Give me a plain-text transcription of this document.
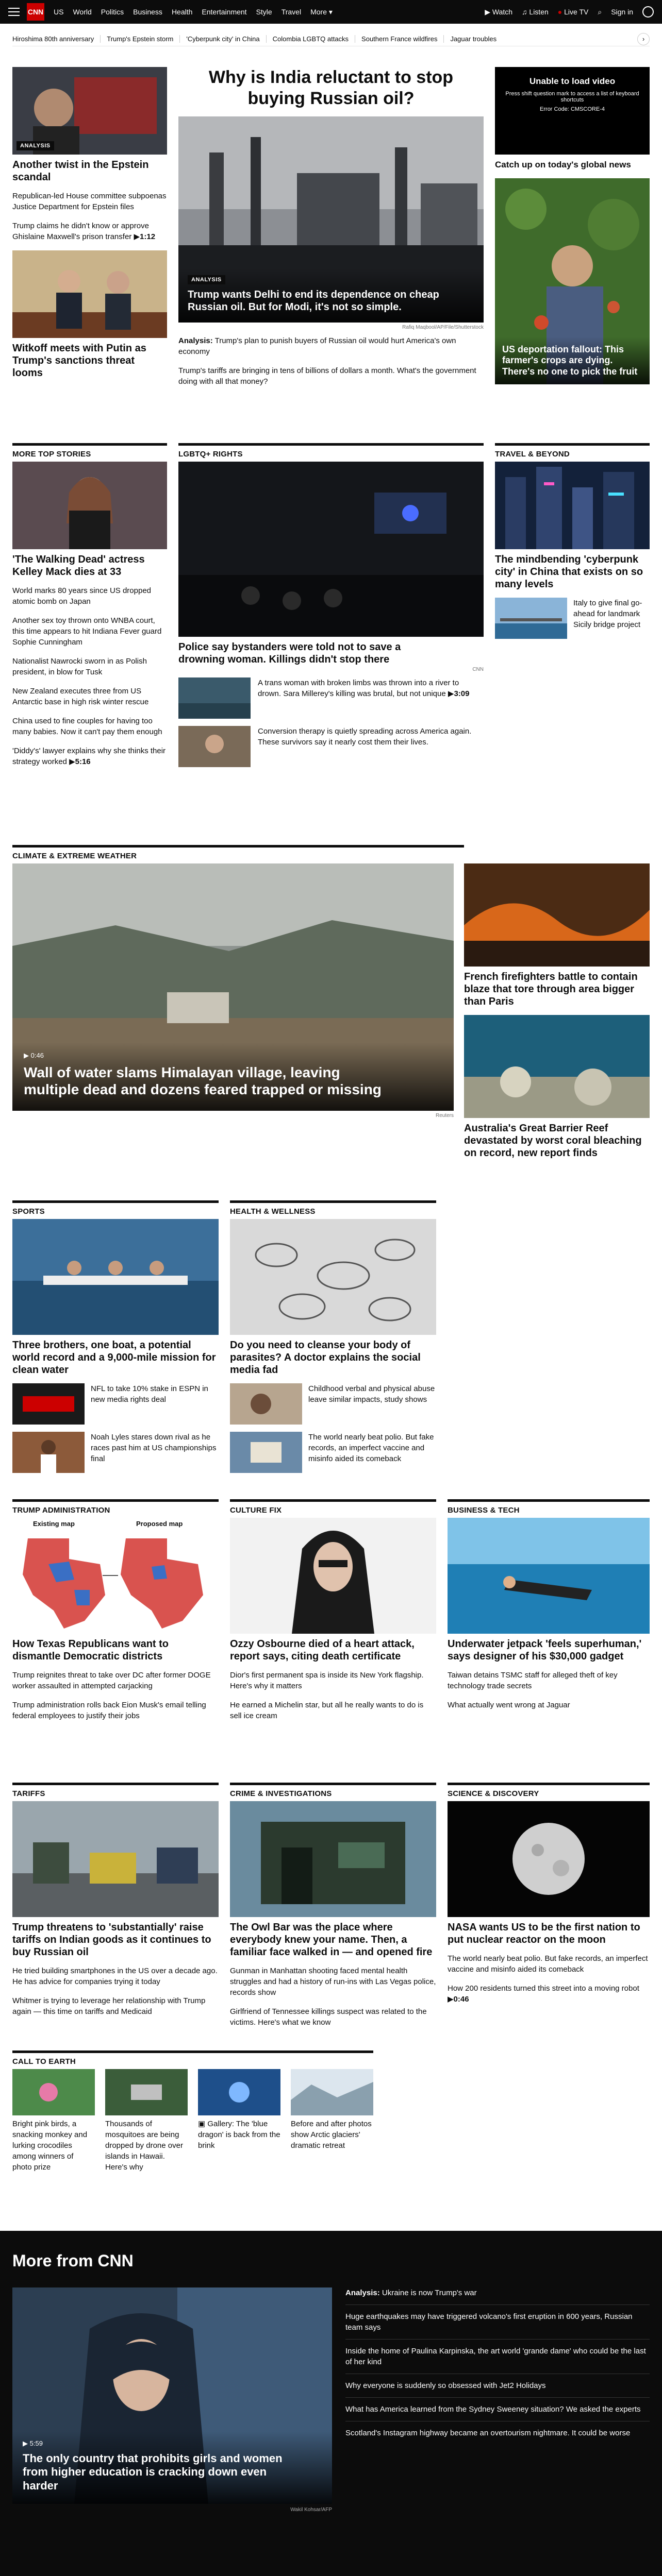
CNN US World Politics Business Health Entertainment Style Travel More ▾	▶ Watch ♫ Listen ● Live TV ⌕ Sign in
Hiroshima 80th anniversary	Trump's Epstein storm	'Cyberpunk city' in China	Colombia LGBTQ attacks	Southern France wildfires	Jaguar troubles	›
ANALYSIS
Another twist in the Epstein scandal
Republican-led House committee subpoenas Justice Department for Epstein files
Trump claims he didn't know or approve Ghislaine Maxwell's prison transfer ▶1:12
Witkoff meets with Putin as Trump's sanctions threat looms
Why is India reluctant to stop buying Russian oil?
ANALYSIS
Trump wants Delhi to end its dependence on cheap Russian oil. But for Modi, it's not so simple.
Rafiq Maqbool/AP/File/Shutterstock
Analysis: Trump's plan to punish buyers of Russian oil would hurt America's own economy
Trump's tariffs are bringing in tens of billions of dollars a month. What's the government doing with all that money?
Unable to load video
Press shift question mark to access a list of keyboard shortcuts
Error Code: CMSCORE-4
Catch up on today's global news
US deportation fallout: This farmer's crops are dying. There's no one to pick the fruit
MORE TOP STORIES
'The Walking Dead' actress Kelley Mack dies at 33
World marks 80 years since US dropped atomic bomb on Japan
Another sex toy thrown onto WNBA court, this time appears to hit Indiana Fever guard Sophie Cunningham
Nationalist Nawrocki sworn in as Polish president, in blow for Tusk
New Zealand executes three from US Antarctic base in high risk winter rescue
China used to fine couples for having too many babies. Now it can't pay them enough
'Diddy's' lawyer explains why she thinks their strategy worked ▶5:16
LGBTQ+ RIGHTS
Police say bystanders were told not to save a drowning woman. Killings didn't stop there
CNN
A trans woman with broken limbs was thrown into a river to drown. Sara Millerey's killing was brutal, but not unique ▶3:09
Conversion therapy is quietly spreading across America again. These survivors say it nearly cost them their lives.
TRAVEL & BEYOND
The mindbending 'cyberpunk city' in China that exists on so many levels
Italy to give final go-ahead for landmark Sicily bridge project
CLIMATE & EXTREME WEATHER
▶ 0:46
Wall of water slams Himalayan village, leaving multiple dead and dozens feared trapped or missing
Reuters
French firefighters battle to contain blaze that tore through area bigger than Paris
Australia's Great Barrier Reef devastated by worst coral bleaching on record, new report finds
SPORTS
Three brothers, one boat, a potential world record and a 9,000-mile mission for clean water
NFL to take 10% stake in ESPN in new media rights deal
Noah Lyles stares down rival as he races past him at US championships final
HEALTH & WELLNESS
Do you need to cleanse your body of parasites? A doctor explains the social media fad
Childhood verbal and physical abuse leave similar impacts, study shows
The world nearly beat polio. But fake records, an imperfect vaccine and misinfo aided its comeback
TRUMP ADMINISTRATION
Existing map	Proposed map
How Texas Republicans want to dismantle Democratic districts
Trump reignites threat to take over DC after former DOGE worker assaulted in attempted carjacking
Trump administration rolls back Eion Musk's email telling federal employees to justify their jobs
CULTURE FIX
Ozzy Osbourne died of a heart attack, report says, citing death certificate
Dior's first permanent spa is inside its New York flagship. Here's why it matters
He earned a Michelin star, but all he really wants to do is sell ice cream
BUSINESS & TECH
Underwater jetpack 'feels superhuman,' says designer of his $30,000 gadget
Taiwan detains TSMC staff for alleged theft of key technology trade secrets
What actually went wrong at Jaguar
TARIFFS
Trump threatens to 'substantially' raise tariffs on Indian goods as it continues to buy Russian oil
He tried building smartphones in the US over a decade ago. He has advice for companies trying it today
Whitmer is trying to leverage her relationship with Trump again — this time on tariffs and Medicaid
CRIME & INVESTIGATIONS
The Owl Bar was the place where everybody knew your name. Then, a familiar face walked in — and opened fire
Gunman in Manhattan shooting faced mental health struggles and had a history of run-ins with Las Vegas police, records show
Girlfriend of Tennessee killings suspect was related to the victims. Here's what we know
SCIENCE & DISCOVERY
NASA wants US to be the first nation to put nuclear reactor on the moon
The world nearly beat polio. But fake records, an imperfect vaccine and misinfo aided its comeback
How 200 residents turned this street into a moving robot ▶0:46
CALL TO EARTH
Bright pink birds, a snacking monkey and lurking crocodiles among winners of photo prize
Thousands of mosquitoes are being dropped by drone over islands in Hawaii. Here's why
▣ Gallery: The 'blue dragon' is back from the brink
Before and after photos show Arctic glaciers' dramatic retreat
More from CNN
▶ 5:59
The only country that prohibits girls and women from higher education is cracking down even harder
Wakil Kohsar/AFP
Analysis: Ukraine is now Trump's war
Huge earthquakes may have triggered volcano's first eruption in 600 years, Russian team says
Inside the home of Paulina Karpinska, the art world 'grande dame' who could be the last of her kind
Why everyone is suddenly so obsessed with Jet2 Holidays
What has America learned from the Sydney Sweeney situation? We asked the experts
Scotland's Instagram highway became an overtourism nightmare. It could be worse
